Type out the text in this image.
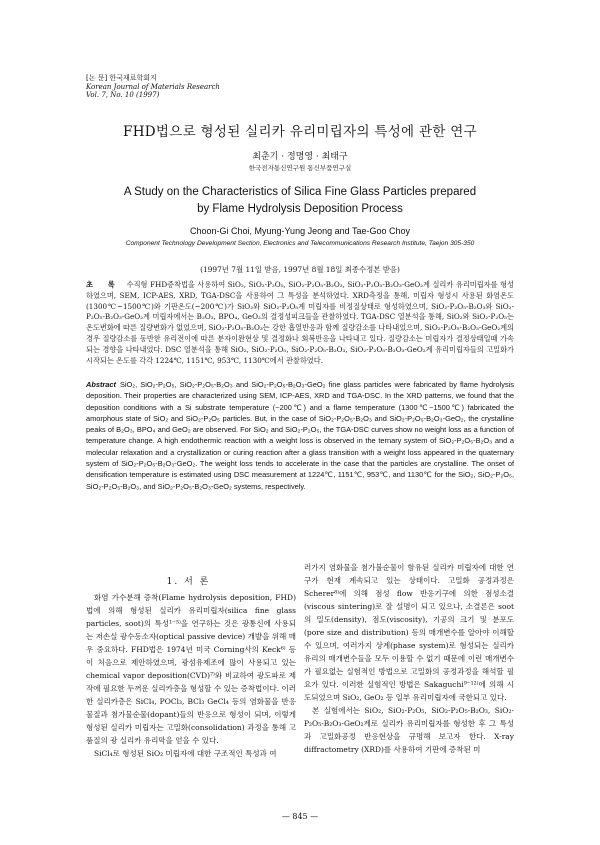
[논 문] 한국재료학회지
Korean Journal of Materials Research
Vol. 7, No. 10 (1997)
FHD법으로 형성된 실리카 유리미립자의 특성에 관한 연구
최춘기 · 정명영 · 최태구
한국전자통신연구원 통신부품연구실
A Study on the Characteristics of Silica Fine Glass Particles prepared
by Flame Hydrolysis Deposition Process
Choon-Gi Choi, Myung-Yung Jeong and Tae-Goo Choy
Component Technology Development Section, Electronics and Telecommunications Research Institute, Taejon 305-350
(1997년 7월 11일 받음, 1997년 8월 18일 최종수정본 받음)
초 록 수직형 FHD증착법을 사용하여 SiO₂, SiO₂-P₂O₅, SiO₂-P₂O₅-B₂O₃, SiO₂-P₂O₅-B₂O₃-GeO₂계 실리카 유리미립자를 형성하였으며, SEM, ICP-AES, XRD, TGA-DSC을 사용하여 그 특성을 분석하였다. XRD측정을 통해, 미립자 형성시 사용된 화염온도(1300℃~1500℃)와 기판온도(~200℃)가 SiO₂와 SiO₂-P₂O₅계 미립자를 비정질상태로 형성하였으며, SiO₂-P₂O₅-B₂O₃와 SiO₂-P₂O₅-B₂O₃-GeO₂계 미립자에서는 B₂O₃, BPO₄, GeO₂의 결정성피크들을 관찰하였다. TGA-DSC 열분석을 통해, SiO₂와 SiO₂-P₂O₅는 온도변화에 따른 질량변화가 없었으며, SiO₂-P₂O₅-B₂O₃는 강한 흡열반응과 함께 질량감소를 나타내었으며, SiO₂-P₂O₅-B₂O₃-GeO₂계의 경우 질량감소를 동반한 유리전이에 따른 분자이완현상 및 결정화나 회복반응을 나타내고 있다. 질량감소는 미립자가 결정상태일때 가속되는 경향을 나타내었다. DSC 열분석을 통해 SiO₂, SiO₂-P₂O₅, SiO₂-P₂O₅-B₂O₃, SiO₂-P₂O₅-B₂O₃-GeO₂계 유리미립자들의 고밀화가 시작되는 온도를 각각 1224℃, 1151℃, 953℃, 1130℃에서 관찰하였다.
Abstract SiO₂, SiO₂-P₂O₅, SiO₂-P₂O₅-B₂O₃ and SiO₂-P₂O₅-B₂O₃-GeO₂ fine glass particles were fabricated by flame hydrolysis deposition. Their properties are characterized using SEM, ICP-AES, XRD and TGA-DSC. In the XRD patterns, we found that the deposition conditions with a Si substrate temperature (~200℃) and a flame temperature (1300℃~1500℃) fabricated the amorphous state of SiO₂ and SiO₂-P₂O₅ particles. But, in the case of SiO₂-P₂O₅-B₂O₃ and SiO₂-P₂O₅-B₂O₃-GeO₂, the crystalline peaks of B₂O₃, BPO₄ and GeO₂ are observed. For SiO₂ and SiO₂-P₂O₅, the TGA-DSC curves show no weight loss as a function of temperature change. A high endothermic reaction with a weight loss is observed in the ternary system of SiO₂-P₂O₅-B₂O₃ and a molecular relaxation and a crystallization or curing reaction after a glass transition with a weight loss appeared in the quaternary system of SiO₂-P₂O₅-B₂O₃-GeO₂. The weight loss tends to accelerate in the case that the particles are crystalline. The onset of densification temperature is estimated using DSC measurement at 1224℃, 1151℃, 953℃, and 1130℃ for the SiO₂, SiO₂-P₂O₅, SiO₂-P₂O₅-B₂O₃, and SiO₂-P₂O₅-B₂O₃-GeO₂ systems, respectively.
1. 서 론

화염 가수분해 증착(Flame hydrolysis deposition, FHD)법에 의해 형성된 실리카 유리미립자(silica fine glass particles, soot)의 특성¹⁻⁵⁾을 연구하는 것은 광통신에 사용되는 저손실 광수동소자(optical passive device) 개발을 위해 매우 중요하다. FHD법은 1974년 미국 Corning사의 Keck⁶⁾ 등이 처음으로 제안하였으며, 광섬유제조에 많이 사용되고 있는 chemical vapor deposition(CVD)⁷⁾와 비교하여 광도파로 제작에 필요한 두꺼운 실리카층을 형성할 수 있는 증착법이다. 이러한 실리카층은 SiCl₄, POCl₃, BCl₃ GeCl₄ 등의 염화물을 반응물질과 첨가물순물(dopant)들의 반응으로 형성이 되며, 이렇게 형성된 실리카 미립자는 고밀화(consolidation) 과정을 통해 고품질의 광 실리카 유리막을 얻을 수 있다.

SiCl₄로 형성된 SiO₂ 미립자에 대한 구조적인 특성과 여

러가지 염화물을 첨가불순물이 함유된 실리카 미립자에 대한 연구가 현재 계속되고 있는 상태이다. 고밀화 공정과정은 Scherer⁸⁾에 의해 점성 flow 반응기구에 의한 점성소결(viscous sintering)로 잘 설명이 되고 있으나, 소결론은 soot의 밀도(density), 점도(viscosity), 기공의 크기 및 분포도(pore size and distribution) 등의 매개변수를 알아야 이해할 수 있으며, 여러가지 상계(phase system)로 형성되는 실리카 유리의 매개변수들을 모두 이용할 수 없기 때문에 이런 매개변수가 필요없는 실험적인 방법으로 고밀화의 공정과정을 해석할 필요가 있다. 이러한 실험적인 방법은 Sakaguchi⁹⁻¹²⁾에 의해 시도되었으며 SiO₂, GeO₂ 등 일부 유리미립자에 국한되고 있다.

본 실험에서는 SiO₂, SiO₂-P₂O₅, SiO₂-P₂O₅-B₂O₃, SiO₂-P₂O₅-B₂O₃-GeO₂계로 실리카 유리미립자를 형성한 후 그 특성과 고밀화공정 반응현상을 규명해 보고자 한다. X-ray diffractometry (XRD)를 사용하여 기판에 증착된 미

— 845 —
